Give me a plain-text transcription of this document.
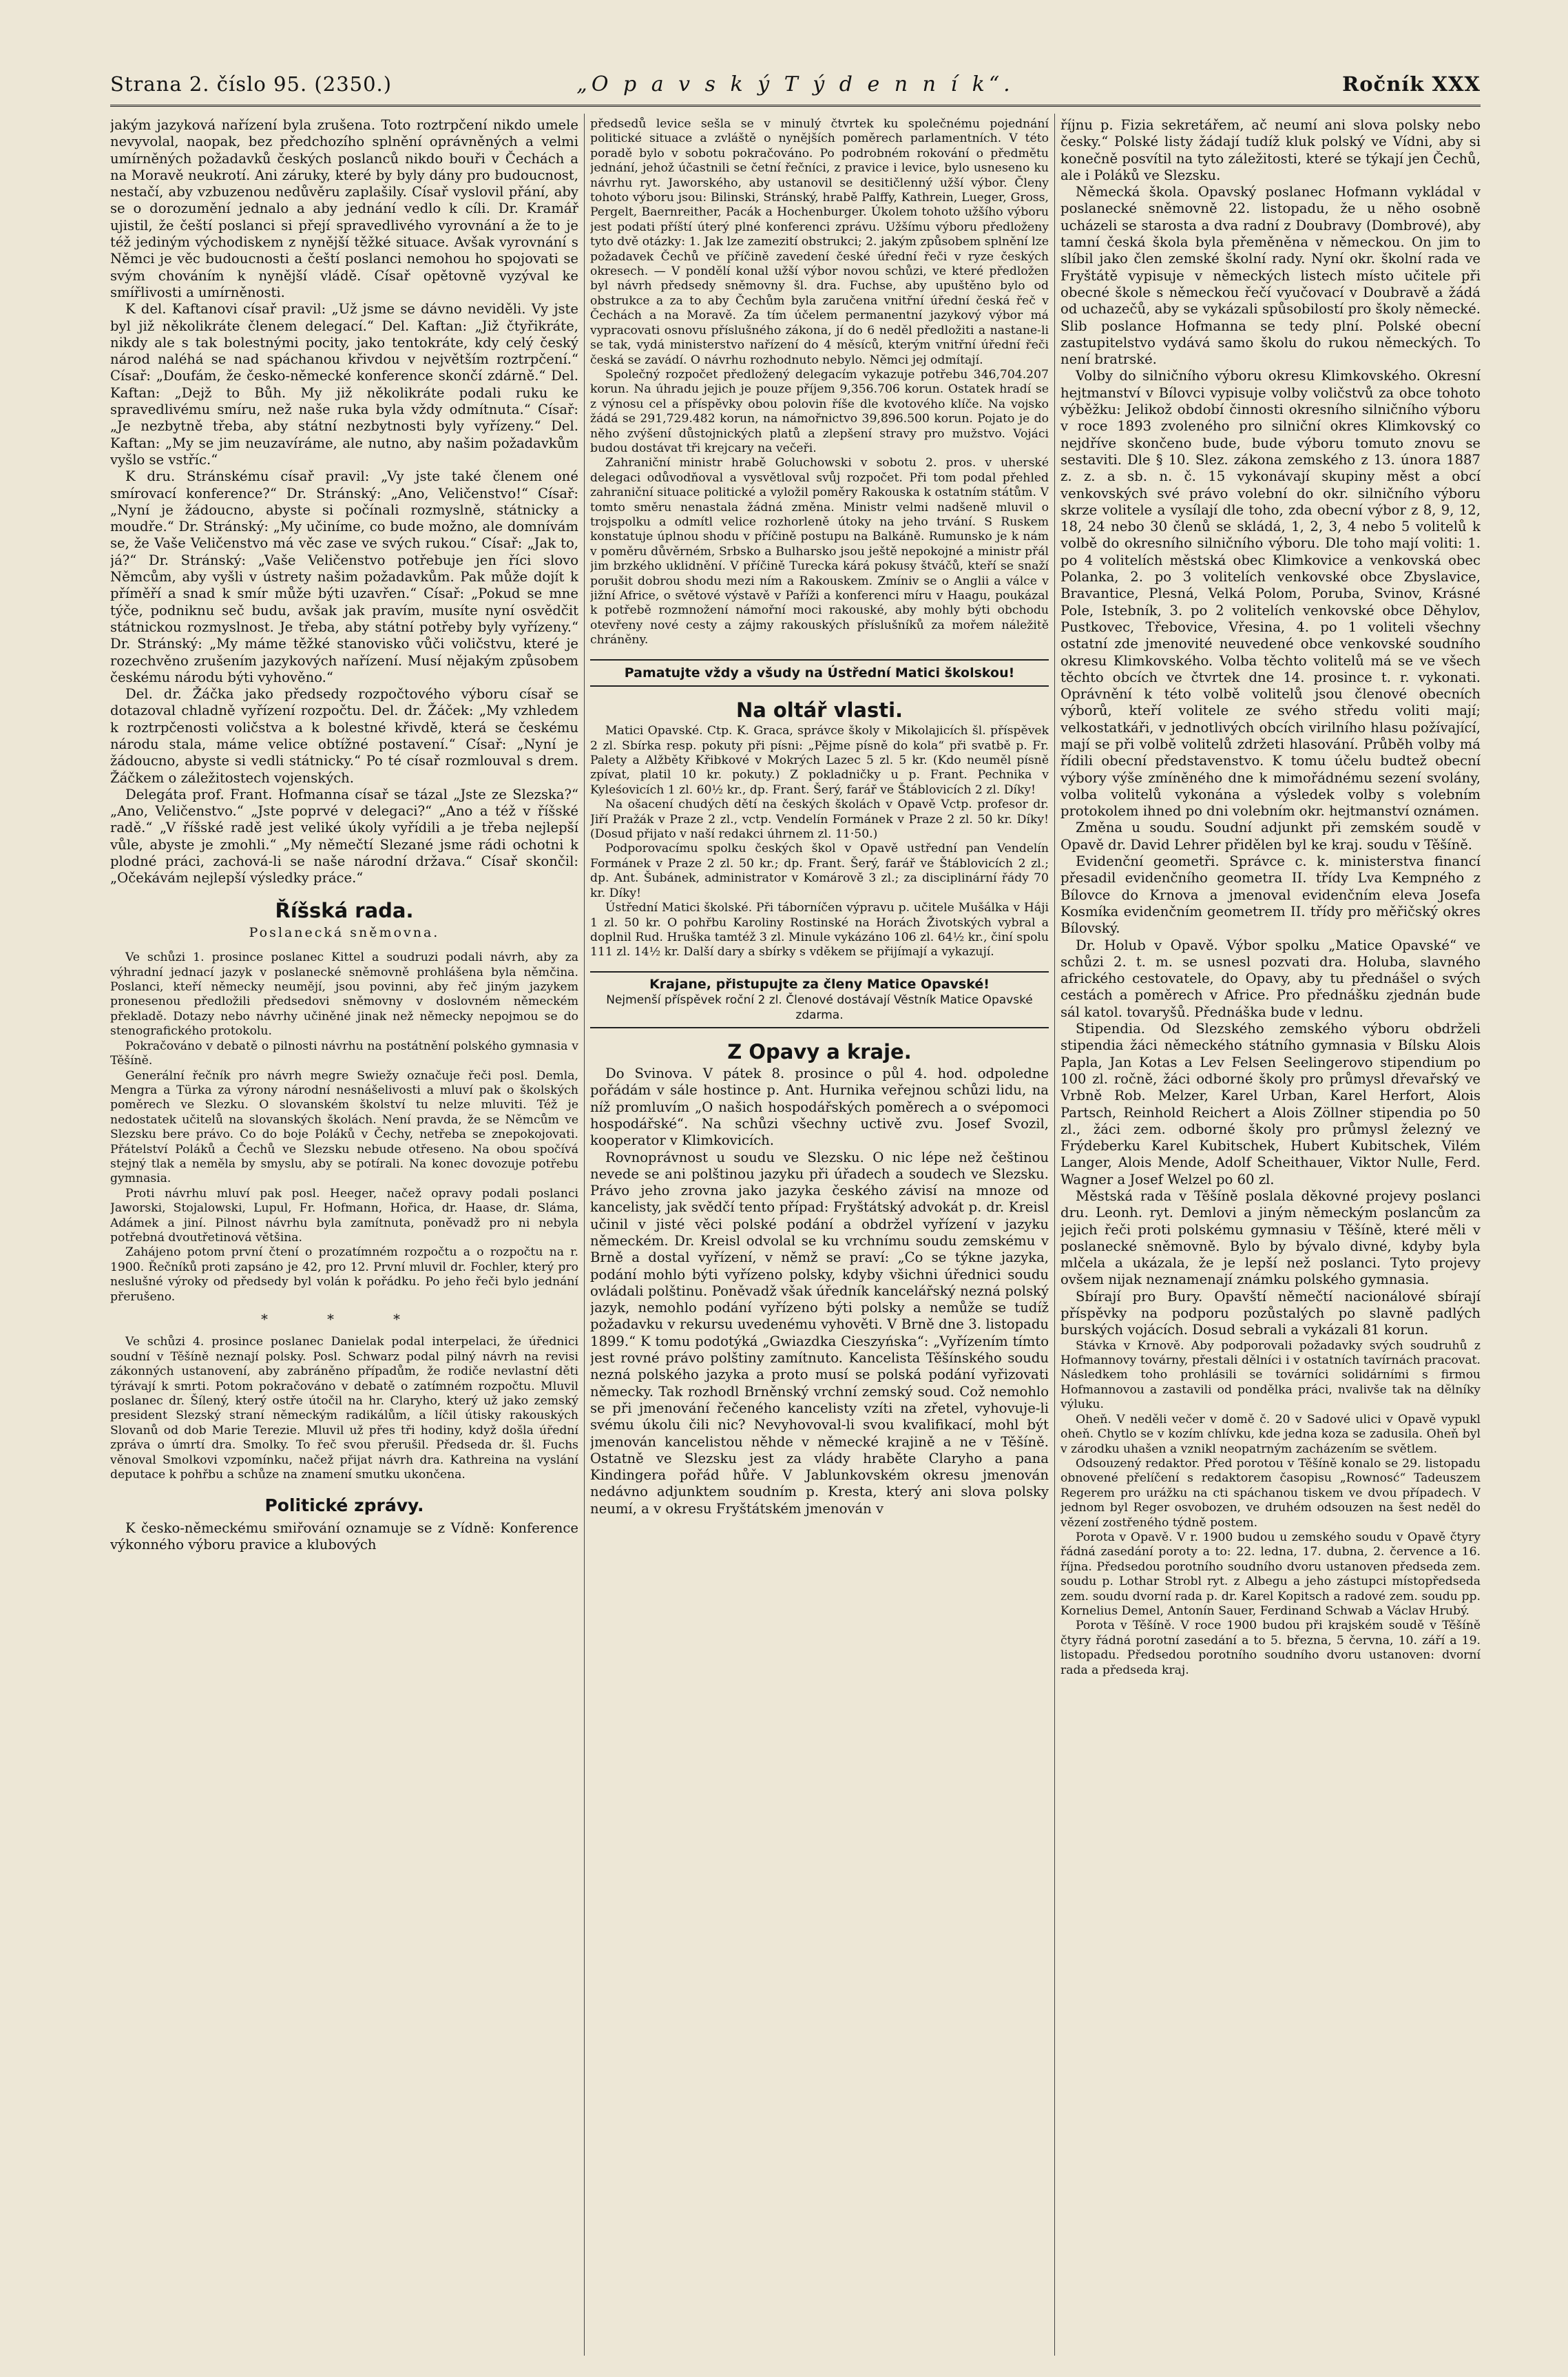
Strana 2. číslo 95. (2350.)	„O p a v s k ý T ý d e n n í k“.	Ročník XXX

jakým jazyková nařízení byla zrušena. Toto roztrpčení nikdo umele nevyvolal, naopak, bez předchozího splnění oprávněných a velmi umírněných požadavků českých poslanců nikdo bouři v Čechách a na Moravě neukrotí. Ani záruky, které by byly dány pro budoucnost, nestačí, aby vzbuzenou nedůvěru zaplašily. Císař vyslovil přání, aby se o dorozumění jednalo a aby jednání vedlo k cíli. Dr. Kramář ujistil, že čeští poslanci si přejí spravedlivého vyrovnání a že to je též jediným východiskem z nynější těžké situace. Avšak vyrovnání s Němci je věc budoucnosti a čeští poslanci nemohou ho spojovati se svým chováním k nynější vládě. Císař opětovně vyzýval ke smířlivosti a umírněnosti.

K del. Kaftanovi císař pravil: „Už jsme se dávno neviděli. Vy jste byl již několikráte členem delegací.“ Del. Kaftan: „Již čtyřikráte, nikdy ale s tak bolestnými pocity, jako tentokráte, kdy celý český národ naléhá se nad spáchanou křivdou v největším roztrpčení.“ Císař: „Doufám, že česko-německé konference skončí zdárně.“ Del. Kaftan: „Dejž to Bůh. My již několikráte podali ruku ke spravedlivému smíru, než naše ruka byla vždy odmítnuta.“ Císař: „Je nezbytně třeba, aby státní nezbytnosti byly vyřízeny.“ Del. Kaftan: „My se jim neuzavíráme, ale nutno, aby našim požadavkům vyšlo se vstříc.“

K dru. Stránskému císař pravil: „Vy jste také členem oné smírovací konference?“ Dr. Stránský: „Ano, Veličenstvo!“ Císař: „Nyní je žádoucno, abyste si počínali rozmyslně, státnicky a moudře.“ Dr. Stránský: „My učiníme, co bude možno, ale domnívám se, že Vaše Veličenstvo má věc zase ve svých rukou.“ Císař: „Jak to, já?“ Dr. Stránský: „Vaše Veličenstvo potřebuje jen říci slovo Němcům, aby vyšli v ústrety našim požadavkům. Pak může dojít k příměří a snad k smír může býti uzavřen.“ Císař: „Pokud se mne týče, podniknu seč budu, avšak jak pravím, musíte nyní osvědčit státnickou rozmyslnost. Je třeba, aby státní potřeby byly vyřízeny.“ Dr. Stránský: „My máme těžké stanovisko vůči voličstvu, které je rozechvěno zrušením jazykových nařízení. Musí nějakým způsobem českému národu býti vyhověno.“

Del. dr. Žáčka jako předsedy rozpočtového výboru císař se dotazoval chladně vyřízení rozpočtu. Del. dr. Žáček: „My vzhledem k roztrpčenosti voličstva a k bolestné křivdě, která se českému národu stala, máme velice obtížné postavení.“ Císař: „Nyní je žádoucno, abyste si vedli státnicky.“ Po té císař rozmlouval s drem. Žáčkem o záležitostech vojenských.

Delegáta prof. Frant. Hofmanna císař se tázal „Jste ze Slezska?“ „Ano, Veličenstvo.“ „Jste poprvé v delegaci?“ „Ano a též v říšské radě.“ „V říšské radě jest veliké úkoly vyřídili a je třeba nejlepší vůle, abyste je zmohli.“ „My němečtí Slezané jsme rádi ochotni k plodné práci, zachová-li se naše národní država.“ Císař skončil: „Očekávám nejlepší výsledky práce.“

Říšská rada.
Poslanecká sněmovna.

Ve schůzi 1. prosince poslanec Kittel a soudruzi podali návrh, aby za výhradní jednací jazyk v poslanecké sněmovně prohlášena byla němčina. Poslanci, kteří německy neumějí, jsou povinni, aby řeč jiným jazykem pronesenou předložili předsedovi sněmovny v doslovném německém překladě. Dotazy nebo návrhy učiněné jinak než německy nepojmou se do stenografického protokolu.

Pokračováno v debatě o pilnosti návrhu na postátnění polského gymnasia v Těšíně.

Generální řečník pro návrh megre Swiežy označuje řeči posl. Demla, Mengra a Türka za výrony národní nesnášelivosti a mluví pak o školských poměrech ve Slezku. O slovanském školství tu nelze mluviti. Též je nedostatek učitelů na slovanských školách. Není pravda, že se Němcům ve Slezsku bere právo. Co do boje Poláků v Čechy, netřeba se znepokojovati. Přátelství Poláků a Čechů ve Slezsku nebude otřeseno. Na obou spočívá stejný tlak a neměla by smyslu, aby se potírali. Na konec dovozuje potřebu gymnasia.

Proti návrhu mluví pak posl. Heeger, načež opravy podali poslanci Jaworski, Stojalowski, Lupul, Fr. Hofmann, Hořica, dr. Haase, dr. Sláma, Adámek a jiní. Pilnost návrhu byla zamítnuta, poněvadž pro ni nebyla potřebná dvoutřetinová většina.

Zahájeno potom první čtení o prozatímném rozpočtu a o rozpočtu na r. 1900. Řečníků proti zapsáno je 42, pro 12. První mluvil dr. Fochler, který pro neslušné výroky od předsedy byl volán k pořádku. Po jeho řeči bylo jednání přerušeno.

* * *

Ve schůzi 4. prosince poslanec Danielak podal interpelaci, že úřednici soudní v Těšíně neznají polsky. Posl. Schwarz podal pilný návrh na revisi zákonných ustanovení, aby zabráněno případům, že rodiče nevlastní děti týrávají k smrti. Potom pokračováno v debatě o zatímném rozpočtu. Mluvil poslanec dr. Šílený, který ostře útočil na hr. Claryho, který už jako zemský president Slezský straní německým radikálům, a líčil útisky rakouských Slovanů od dob Marie Terezie. Mluvil už přes tři hodiny, když došla úřední zpráva o úmrtí dra. Smolky. To řeč svou přerušil. Předseda dr. šl. Fuchs věnoval Smolkovi vzpomínku, načež přijat návrh dra. Kathreina na vyslání deputace k pohřbu a schůze na znamení smutku ukončena.

Politické zprávy.

K česko-německému smiřování oznamuje se z Vídně: Konference výkonného výboru pravice a klubových

předsedů levice sešla se v minulý čtvrtek ku společnému pojednání politické situace a zvláště o nynějších poměrech parlamentních. V této poradě bylo v sobotu pokračováno. Po podrobném rokování o předmětu jednání, jehož účastnili se četní řečníci, z pravice i levice, bylo usneseno ku návrhu ryt. Jaworského, aby ustanovil se desitičlenný užší výbor. Členy tohoto výboru jsou: Bilinski, Stránský, hrabě Palffy, Kathrein, Lueger, Gross, Pergelt, Baernreither, Pacák a Hochenburger. Úkolem tohoto užšího výboru jest podati příští úterý plné konferenci zprávu. Užšímu výboru předloženy tyto dvě otázky: 1. Jak lze zamezití obstrukci; 2. jakým způsobem splnění lze požadavek Čechů ve příčině zavedení české úřední řeči v ryze českých okresech. — V pondělí konal užší výbor novou schůzi, ve které předložen byl návrh předsedy sněmovny šl. dra. Fuchse, aby upuštěno bylo od obstrukce a za to aby Čechům byla zaručena vnitřní úřední česká řeč v Čechách a na Moravě. Za tím účelem permanentní jazykový výbor má vypracovati osnovu příslušného zákona, jí do 6 neděl předložiti a nastane-li se tak, vydá ministerstvo nařízení do 4 měsíců, kterým vnitřní úřední řeči česká se zavádí. O návrhu rozhodnuto nebylo. Němci jej odmítají.

Společný rozpočet předložený delegacím vykazuje potřebu 346,704.207 korun. Na úhradu jejich je pouze příjem 9,356.706 korun. Ostatek hradí se z výnosu cel a příspěvky obou polovin říše dle kvotového klíče. Na vojsko žádá se 291,729.482 korun, na námořnictvo 39,896.500 korun. Pojato je do něho zvýšení důstojnických platů a zlepšení stravy pro mužstvo. Vojáci budou dostávat tři krejcary na večeři.

Zahraniční ministr hrabě Goluchowski v sobotu 2. pros. v uherské delegaci odůvodňoval a vysvětloval svůj rozpočet. Při tom podal přehled zahraniční situace politické a vyložil poměry Rakouska k ostatním státům. V tomto směru nenastala žádná změna. Ministr velmi nadšeně mluvil o trojspolku a odmítl velice rozhorleně útoky na jeho trvání. S Ruskem konstatuje úplnou shodu v příčině postupu na Balkáně. Rumunsko je k nám v poměru důvěrném, Srbsko a Bulharsko jsou ještě nepokojné a ministr přál jim brzkého uklidnění. V příčině Turecka kárá pokusy štváčů, kteří se snaží porušit dobrou shodu mezi ním a Rakouskem. Zmíniv se o Anglii a válce v jižní Africe, o světové výstavě v Paříži a konferenci míru v Haagu, poukázal k potřebě rozmnožení námořní moci rakouské, aby mohly býti obchodu otevřeny nové cesty a zájmy rakouských příslušníků za mořem náležitě chráněny.

Pamatujte vždy a všudy na Ústřední Matici školskou!
Na oltář vlasti.

Matici Opavské. Ctp. K. Graca, správce školy v Mikolajicích šl. příspěvek 2 zl. Sbírka resp. pokuty při písni: „Pějme písně do kola“ při svatbě p. Fr. Palety a Alžběty Křibkové v Mokrých Lazec 5 zl. 5 kr. (Kdo neuměl písně zpívat, platil 10 kr. pokuty.) Z pokladničky u p. Frant. Pechnika v Kyleśovicích 1 zl. 60½ kr., dp. Frant. Šerý, farář ve Štáblovicích 2 zl. Díky!

Na ošacení chudých dětí na českých školách v Opavě Vctp. profesor dr. Jiří Pražák v Praze 2 zl., vctp. Vendelín Formánek v Praze 2 zl. 50 kr. Díky! (Dosud přijato v naší redakci úhrnem zl. 11·50.)

Podporovacímu spolku českých škol v Opavě ustřední pan Vendelín Formánek v Praze 2 zl. 50 kr.; dp. Frant. Šerý, farář ve Štáblovicích 2 zl.; dp. Ant. Šubánek, administrator v Komárově 3 zl.; za disciplinární řády 70 kr. Díky!

Ústřední Matici školské. Při táborníčen výpravu p. učitele Mušálka v Háji 1 zl. 50 kr. O pohřbu Karoliny Rostinské na Horách Životských vybral a doplnil Rud. Hruška tamtéž 3 zl. Minule vykázáno 106 zl. 64½ kr., činí spolu 111 zl. 14½ kr. Další dary a sbírky s vděkem se přijímají a vykazují.

Krajane, přistupujte za členy Matice Opavské!
Nejmenší příspěvek roční 2 zl. Členové dostávají Věstník Matice Opavské zdarma.
Z Opavy a kraje.

Do Svinova. V pátek 8. prosince o půl 4. hod. odpoledne pořádám v sále hostince p. Ant. Hurnika veřejnou schůzi lidu, na níž promluvím „O našich hospodářských poměrech a o svépomoci hospodářské“. Na schůzi všechny uctivě zvu. Josef Svozil, kooperator v Klimkovicích.

Rovnoprávnost u soudu ve Slezsku. O nic lépe než češtinou nevede se ani polštinou jazyku při úřadech a soudech ve Slezsku. Právo jeho zrovna jako jazyka českého závisí na mnoze od kancelisty, jak svědčí tento případ: Fryštátský advokát p. dr. Kreisl učinil v jisté věci polské podání a obdržel vyřízení v jazyku německém. Dr. Kreisl odvolal se ku vrchnímu soudu zemskému v Brně a dostal vyřízení, v němž se praví: „Co se týkne jazyka, podání mohlo býti vyřízeno polsky, kdyby všichni úřednici soudu ovládali polštinu. Poněvadž však úředník kancelářský nezná polský jazyk, nemohlo podání vyřízeno býti polsky a nemůže se tudíž požadavku v rekursu uvedenému vyhověti. V Brně dne 3. listopadu 1899.“ K tomu podotýká „Gwiazdka Cieszyńska“: „Vyřízením tímto jest rovné právo polštiny zamítnuto. Kancelista Těšínského soudu nezná polského jazyka a proto musí se polská podání vyřizovati německy. Tak rozhodl Brněnský vrchní zemský soud. Což nemohlo se při jmenování řečeného kancelisty vzíti na zřetel, vyhovuje-li svému úkolu čili nic? Nevyhovoval-li svou kvalifikací, mohl být jmenován kancelistou něhde v německé krajině a ne v Těšíně. Ostatně ve Slezsku jest za vlády hraběte Claryho a pana Kindingera pořád hůře. V Jablunkovském okresu jmenován nedávno adjunktem soudním p. Kresta, který ani slova polsky neumí, a v okresu Fryštátském jmenován v

říjnu p. Fizia sekretářem, ač neumí ani slova polsky nebo česky.“ Polské listy žádají tudíž kluk polský ve Vídni, aby si konečně posvítil na tyto záležitosti, které se týkají jen Čechů, ale i Poláků ve Slezsku.

Německá škola. Opavský poslanec Hofmann vykládal v poslanecké sněmovně 22. listopadu, že u něho osobně ucházeli se starosta a dva radní z Doubravy (Dombrové), aby tamní česká škola byla přeměněna v německou. On jim to slíbil jako člen zemské školní rady. Nyní okr. školní rada ve Fryštátě vypisuje v německých listech místo učitele při obecné škole s německou řečí vyučovací v Doubravě a žádá od uchazečů, aby se vykázali spůsobilostí pro školy německé. Slib poslance Hofmanna se tedy plní. Polské obecní zastupitelstvo vydává samo školu do rukou německých. To není bratrské.

Volby do silničního výboru okresu Klimkovského. Okresní hejtmanství v Bílovci vypisuje volby voličstvů za obce tohoto výběžku: Jelikož období činnosti okresního silničního výboru v roce 1893 zvoleného pro silniční okres Klimkovský co nejdříve skončeno bude, bude výboru tomuto znovu se sestaviti. Dle § 10. Slez. zákona zemského z 13. února 1887 z. z. a sb. n. č. 15 vykonávají skupiny měst a obcí venkovských své právo volební do okr. silničního výboru skrze volitele a vysílají dle toho, zda obecní výbor z 8, 9, 12, 18, 24 nebo 30 členů se skládá, 1, 2, 3, 4 nebo 5 volitelů k volbě do okresního silničního výboru. Dle toho mají voliti: 1. po 4 volitelích městská obec Klimkovice a venkovská obec Polanka, 2. po 3 volitelích venkovské obce Zbyslavice, Bravantice, Plesná, Velká Polom, Poruba, Svinov, Krásné Pole, Istebník, 3. po 2 volitelích venkovské obce Děhylov, Pustkovec, Třebovice, Vřesina, 4. po 1 voliteli všechny ostatní zde jmenovité neuvedené obce venkovské soudního okresu Klimkovského. Volba těchto volitelů má se ve všech těchto obcích ve čtvrtek dne 14. prosince t. r. vykonati. Oprávnění k této volbě volitelů jsou členové obecních výborů, kteří volitele ze svého středu voliti mají; velkostatkáři, v jednotlivých obcích virilního hlasu požívající, mají se při volbě volitelů zdržeti hlasování. Průběh volby má řídili obecní představenstvo. K tomu účelu budtež obecní výbory výše zmíněného dne k mimořádnému sezení svolány, volba volitelů vykonána a výsledek volby s volebním protokolem ihned po dni volebním okr. hejtmanství oznámen.

Změna u soudu. Soudní adjunkt při zemském soudě v Opavě dr. David Lehrer přidělen byl ke kraj. soudu v Těšíně.

Evidenční geometři. Správce c. k. ministerstva financí přesadil evidenčního geometra II. třídy Lva Kempného z Bílovce do Krnova a jmenoval evidenčním eleva Josefa Kosmíka evidenčním geometrem II. třídy pro měřičský okres Bílovský.

Dr. Holub v Opavě. Výbor spolku „Matice Opavské“ ve schůzi 2. t. m. se usnesl pozvati dra. Holuba, slavného afrického cestovatele, do Opavy, aby tu přednášel o svých cestách a poměrech v Africe. Pro přednášku zjednán bude sál katol. tovaryšů. Přednáška bude v lednu.

Stipendia. Od Slezského zemského výboru obdrželi stipendia žáci německého státního gymnasia v Bílsku Alois Papla, Jan Kotas a Lev Felsen Seelingerovo stipendium po 100 zl. ročně, žáci odborné školy pro průmysl dřevařský ve Vrbně Rob. Melzer, Karel Urban, Karel Herfort, Alois Partsch, Reinhold Reichert a Alois Zöllner stipendia po 50 zl., žáci zem. odborné školy pro průmysl železný ve Frýdeberku Karel Kubitschek, Hubert Kubitschek, Vilém Langer, Alois Mende, Adolf Scheithauer, Viktor Nulle, Ferd. Wagner a Josef Welzel po 60 zl.

Městská rada v Těšíně poslala děkovné projevy poslanci dru. Leonh. ryt. Demlovi a jiným německým poslancům za jejich řeči proti polskému gymnasiu v Těšíně, které měli v poslanecké sněmovně. Bylo by bývalo divné, kdyby byla mlčela a ukázala, že je lepší než poslanci. Tyto projevy ovšem nijak neznamenají známku polského gymnasia.

Sbírají pro Bury. Opavští němečtí nacionálové sbírají příspěvky na podporu pozůstalých po slavně padlých burských vojácích. Dosud sebrali a vykázali 81 korun.

Stávka v Krnově. Aby podporovali požadavky svých soudruhů z Hofmannovy továrny, přestali dělníci i v ostatních tavírnách pracovat. Následkem toho prohlásili se továrníci solidárními s firmou Hofmannovou a zastavili od pondělka práci, nvalivše tak na dělníky výluku.

Oheň. V neděli večer v domě č. 20 v Sadové ulici v Opavě vypukl oheň. Chytlo se v kozím chlívku, kde jedna koza se zadusila. Oheň byl v zárodku uhašen a vznikl neopatrným zacházením se světlem.

Odsouzený redaktor. Před porotou v Těšíně konalo se 29. listopadu obnovené přelíčení s redaktorem časopisu „Rownosć“ Tadeuszem Regerem pro urážku na cti spáchanou tiskem ve dvou případech. V jednom byl Reger osvobozen, ve druhém odsouzen na šest neděl do vězení zostřeného týdně postem.

Porota v Opavě. V r. 1900 budou u zemského soudu v Opavě čtyry řádná zasedání poroty a to: 22. ledna, 17. dubna, 2. července a 16. října. Předsedou porotního soudního dvoru ustanoven předseda zem. soudu p. Lothar Strobl ryt. z Albegu a jeho zástupci místopředseda zem. soudu dvorní rada p. dr. Karel Kopitsch a radové zem. soudu pp. Kornelius Demel, Antonín Sauer, Ferdinand Schwab a Václav Hrubý.

Porota v Těšíně. V roce 1900 budou při krajském soudě v Těšíně čtyry řádná porotní zasedání a to 5. března, 5 června, 10. září a 19. listopadu. Předsedou porotního soudního dvoru ustanoven: dvorní rada a předseda kraj.
